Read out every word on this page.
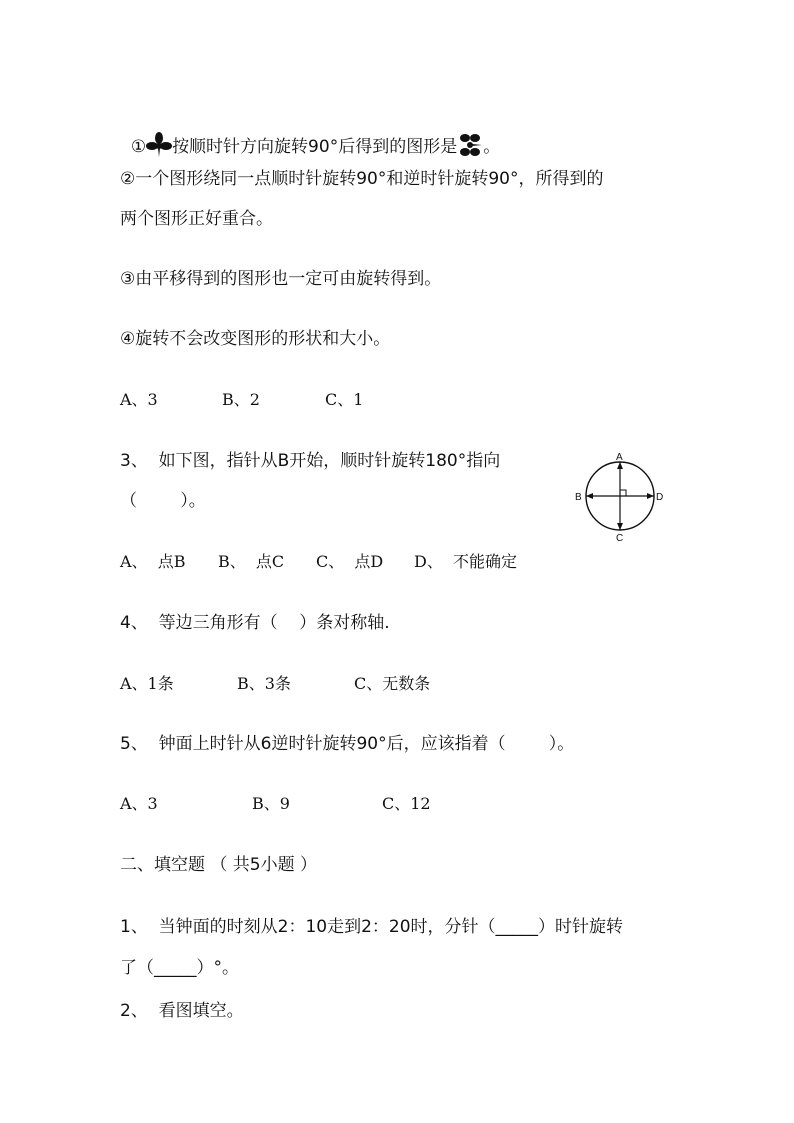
① 按顺时针方向旋转90°后得到的图形是 。

②一个图形绕同一点顺时针旋转90°和逆时针旋转90°，所得到的
两个图形正好重合。
③由平移得到的图形也一定可由旋转得到。
④旋转不会改变图形的形状和大小。
A、3	B、2	C、1
3、  如下图，指针从B开始，顺时针旋转180°指向
（        ）。
A
B	D
C
A、  点B B、  点C C、  点D D、  不能确定
4、  等边三角形有（    ）条对称轴.
A、1条	B、3条	C、无数条
5、  钟面上时针从6逆时针旋转90°后，应该指着（        ）。
A、3	B、9	C、12
二、填空题 （ 共5小题 ）
1、  当钟面的时刻从2：10走到2：20时，分针（_____）时针旋转
了（_____）°。
2、  看图填空。
